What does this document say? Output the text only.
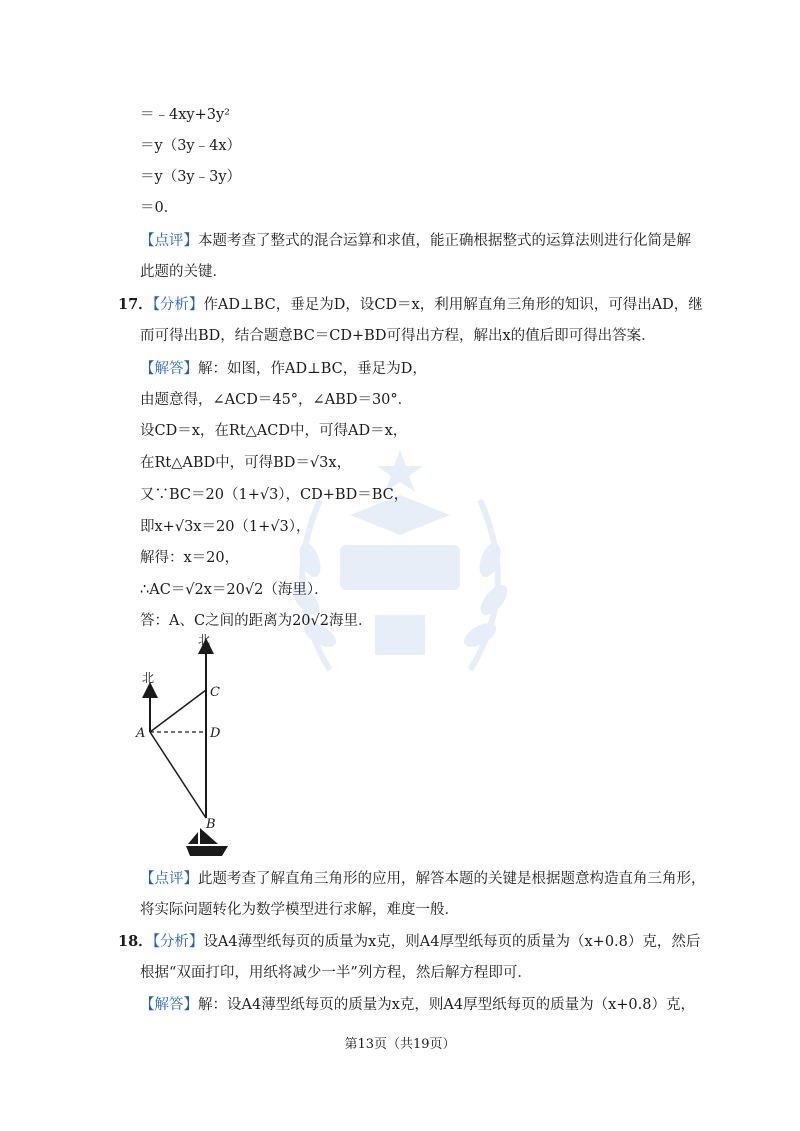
＝﹣4xy+3y²
＝y（3y﹣4x）
＝y（3y﹣3y）
＝0．
【点评】本题考查了整式的混合运算和求值，能正确根据整式的运算法则进行化简是解
此题的关键．
17．【分析】作AD⊥BC，垂足为D，设CD＝x，利用解直角三角形的知识，可得出AD，继
而可得出BD，结合题意BC＝CD+BD可得出方程，解出x的值后即可得出答案．
【解答】解：如图，作AD⊥BC，垂足为D，
由题意得，∠ACD＝45°，∠ABD＝30°．
设CD＝x，在Rt△ACD中，可得AD＝x，
在Rt△ABD中，可得BD＝√3x，
又∵BC＝20（1+√3），CD+BD＝BC，
即x+√3x＝20（1+√3），
解得：x＝20，
∴AC＝√2x＝20√2（海里）．
答：A、C之间的距离为20√2海里．
北
北
C
A	D
B
【点评】此题考查了解直角三角形的应用，解答本题的关键是根据题意构造直角三角形，
将实际问题转化为数学模型进行求解，难度一般．
18．【分析】设A4薄型纸每页的质量为x克，则A4厚型纸每页的质量为（x+0.8）克，然后
根据“双面打印，用纸将减少一半”列方程，然后解方程即可．
【解答】解：设A4薄型纸每页的质量为x克，则A4厚型纸每页的质量为（x+0.8）克，
第13页（共19页）
